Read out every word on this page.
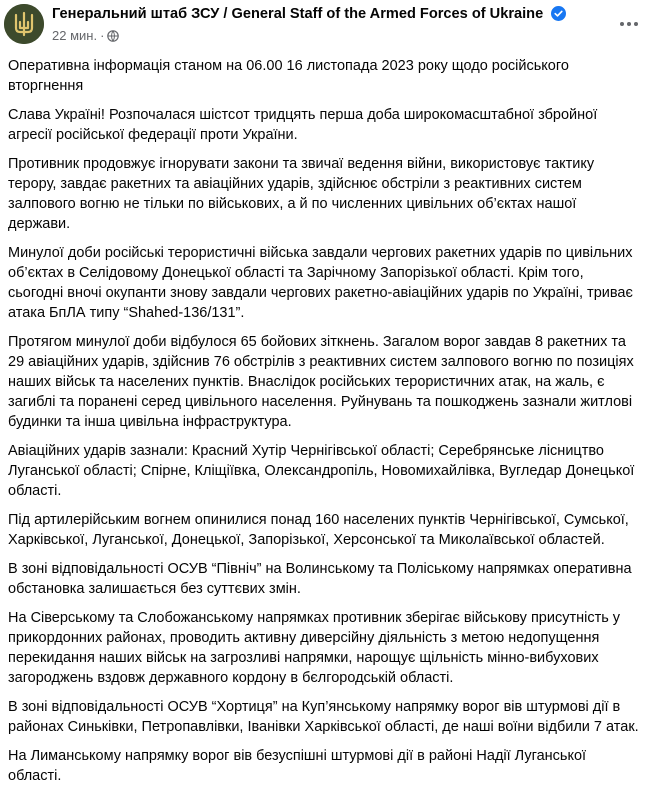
Генеральний штаб ЗСУ / General Staff of the Armed Forces of Ukraine
22 мин. ·

Оперативна інформація станом на 06.00 16 листопада 2023 року щодо російського вторгнення

Слава Україні! Розпочалася шістсот тридцять перша доба широкомасштабної збройної агресії російської федерації проти України.

Противник продовжує ігнорувати закони та звичаї ведення війни, використовує тактику терору, завдає ракетних та авіаційних ударів, здійснює обстріли з реактивних систем залпового вогню не тільки по військових, а й по численних цивільних об’єктах нашої держави.

Минулої доби російські терористичні війська завдали чергових ракетних ударів по цивільних об’єктах в Селідовому Донецької області та Зарічному Запорізької області. Крім того, сьогодні вночі окупанти знову завдали чергових ракетно-авіаційних ударів по Україні, триває атака БпЛА типу “Shahed-136/131”.

Протягом минулої доби відбулося 65 бойових зіткнень. Загалом ворог завдав 8 ракетних та 29 авіаційних ударів, здійснив 76 обстрілів з реактивних систем залпового вогню по позиціях наших військ та населених пунктів. Внаслідок російських терористичних атак, на жаль, є загиблі та поранені серед цивільного населення. Руйнувань та пошкоджень зазнали житлові будинки та інша цивільна інфраструктура.

Авіаційних ударів зазнали: Красний Хутір Чернігівської області; Серебрянське лісництво Луганської області; Спірне, Кліщіївка, Олександропіль, Новомихайлівка, Вугледар Донецької області.

Під артилерійським вогнем опинилися понад 160 населених пунктів Чернігівської, Сумської, Харківської, Луганської, Донецької, Запорізької, Херсонської та Миколаївської областей.

В зоні відповідальності ОСУВ “Північ” на Волинському та Поліському напрямках оперативна обстановка залишається без суттєвих змін.

На Сіверському та Слобожанському напрямках противник зберігає військову присутність у прикордонних районах, проводить активну диверсійну діяльність з метою недопущення перекидання наших військ на загрозливі напрямки, нарощує щільність мінно-вибухових загороджень вздовж державного кордону в бєлгородській області.

В зоні відповідальності ОСУВ “Хортиця” на Куп’янському напрямку ворог вів штурмові дії в районах Синьківки, Петропавлівки, Іванівки Харківської області, де наші воїни відбили 7 атак.

На Лиманському напрямку ворог вів безуспішні штурмові дії в районі Надії Луганської області.
